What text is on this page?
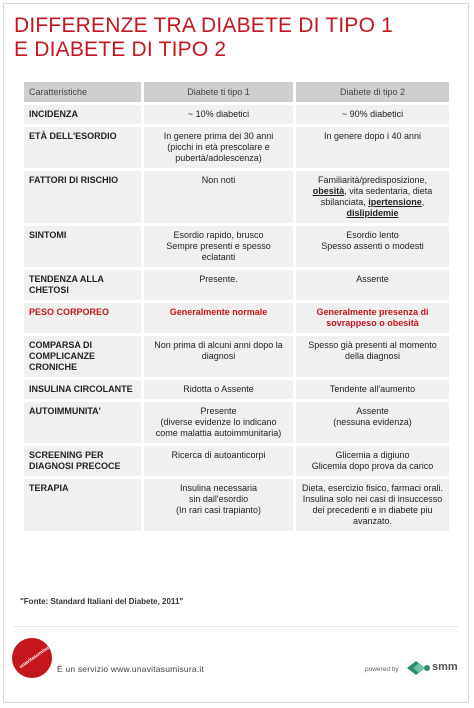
DIFFERENZE TRA DIABETE DI TIPO 1
E DIABETE DI TIPO 2
Caratteristiche	Diabete ti tipo 1	Diabete di tipo 2
INCIDENZA	~ 10% diabetici	~ 90% diabetici

ETÀ DELL'ESORDIO	In genere prima dei 30 anni
(picchi in età prescolare e
pubertà/adolescenza)	In genere dopo i 40 anni

FATTORI DI RISCHIO	Non noti	Familiarità/predisposizione,
obesità, vita sedentaria, dieta
sbilanciata, ipertensione,
dislipidemie

SINTOMI	Esordio rapido, brusco
Sempre presenti e spesso
eclatanti	Esordio lento
Spesso assenti o modesti

TENDENZA ALLA CHETOSI	Presente.	Assente

PESO CORPOREO	Generalmente normale	Generalmente presenza di
sovrappeso o obesità

COMPARSA DI COMPLICANZE CRONICHE	Non prima di alcuni anni dopo la
diagnosi	Spesso già presenti al momento
della diagnosi

INSULINA CIRCOLANTE	Ridotta o Assente	Tendente all'aumento

AUTOIMMUNITA'	Presente
(diverse evidenze lo indicano
come malattia autoimmunitaria)	Assente
(nessuna evidenza)

SCREENING PER DIAGNOSI PRECOCE	Ricerca di autoanticorpi	Glicemia a digiuno
Glicemia dopo prova da carico

TERAPIA	Insulina necessaria
sin dall'esordio
(In rari casi trapianto)	Dieta, esercizio fisico, farmaci orali.
Insulina solo nei casi di insuccesso
dei precedenti e in diabete piu
avanzato.
"Fonte: Standard Italiani del Diabete, 2011"
unavitasumisura.it È un servizio www.unavitasumisura.it	powered by	smm
